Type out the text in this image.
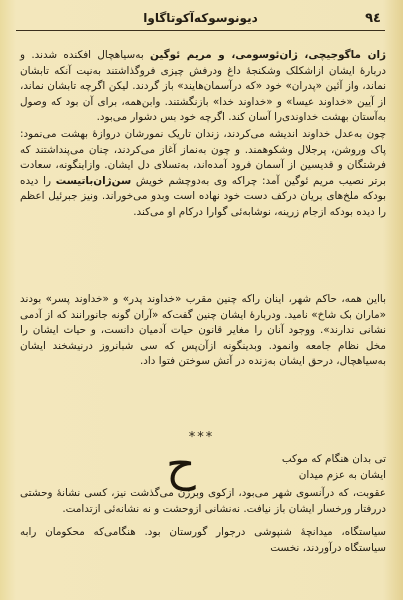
٩٤
دیونوسوکه‌آکوتاگاوا

ژان ماگوجیچی، ژان‌ئوسومی، و مریم ئوگین به‌سیاهچال افکنده شدند. و دربارهٔ ایشان ازاشکلک وشکنجهٔ داغ ودرفش چیزی فروگذاشتند به‌نیت آنکه تابشان نماند، واز آئین «پدران» خود «که درآسمان‌هایند» باز گردند. لیکن اگرچه تابشان نماند، از آیین «خداوند عیسا» و «خداوند خدا» بازنگشتند. وابن‌همه، برای آن بود که وصول به‌آستان بهشت خداوندی‌را آسان کند. اگرچه خود بس دشوار می‌بود.

چون به‌عدل خداوند اندیشه می‌کردند، زندان تاریک نمورشان دروازهٔ بهشت می‌نمود: پاک وروشن، پرجلال وشکوهمند. و چون به‌نماز آغاز می‌کردند، چنان می‌پنداشتند که فرشتگان و قدیسین از آسمان فرود آمده‌اند، به‌تسلای دل ایشان. وازاینگونه، سعادت برتر نصیب مریم ئوگین آمد: چراکه وی به‌دوچشم خویش سن‌ژان‌باتیست را دیده بودکه ملخ‌های بریان درکف دست خود نهاده است وبدو می‌خوراند. ونیز جبرئیل اعظم را دیده بودکه ازجام زرینه، نوشابه‌ئی گوارا درکام او می‌کند.

بااین همه، حاکم شهر، اینان راکه چنین مقرب «خداوند پدر» و «خداوند پسر» بودند «ماران بک شاخ» نامید. ودربارهٔ ایشان چنین گفت‌که «آران گونه جانورانند که از آدمی نشانی ندارند». ووجود آنان را مغایر قانون حیات آدمیان دانست، و حیات ایشان را مخل نظام جامعه وانمود. وبدینگونه ازآن‌پس که سی شبانروز درنیشخند ایشان به‌سیاهچال، درحق ایشان به‌زنده در آتش سوختن فتوا داد.

***
ح	تی بدان هنگام که موکب

ایشان به عزم میدان

عقوبت، که درآنسوی شهر می‌بود، ازکوی وبرزن می‌گذشت نیز، کسی نشانهٔ وحشتی دررفتار ورخسار ایشان باز نیافت. نه‌نشانی ازوحشت و نه نشانه‌ئی ازتدامت.

سیاستگاه، میدانچهٔ شنپوشی درجوار گورستان بود. هنگامی‌که محکومان رابه سیاستگاه درآوردند، نخست
